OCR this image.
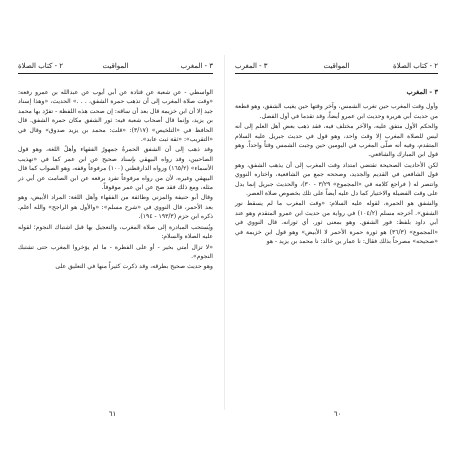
٣ - المغرب
المواقيت
٢ - كتاب الصلاة

الواسطي - عن شعبة عن قتادة عن أبي أيوب عن عبدالله بن عمرو رفعه: «وقت صلاة المغرب إلى أن تذهب حمرة الشفق، . . .» الحديث، «وهذا إسناد جيد إلا أن ابن خزيمة قال بعد أن ساقه: إن صحت هذه اللفظة - تفرّد بها محمد بن يزيد، وإنما قال أصحاب شعبة فيه: ثور الشفق مكان حمرة الشفق. قال الحافظ في «التلخيص» (٣/١٧): «قلت: محمد بن يزيد صدوق» وقال في «التقريب»: «ثقة ثبت عابد».

وقد ذهب إلى أن الشفق الحمرةُ جمهورُ الفقهاء وأهلُ اللغة، وهو قول الصاحبين، وقد رواه البيهقي بإسناد صحيح عن ابن عمر كما في «تهذيب الأسماء» (١٦٥/٢) ورواه الدارقطني (١٠٠) مرفوعاً وقفه، وهو الصواب كما قال البيهقي وغيره، لأن من رواه مرفوعاً تفرد برفعه عن ابن الصامت عن أبي ذر مثله، ومع ذلك فقد صح عن ابن عمر موقوفاً.

وقال أبو حنيفة والمزني وطائفة من الفقهاء وأهل اللغة: المراد الأبيض، وهو بعد الأحمر، قال النووي في «شرح مسلم»: «والأول هو الراجح» والله أعلم. ذكره ابن حزم (١٩٣/٣ - ١٩٤).

ويُستحب المبادرة إلى صلاة المغرب، والتعجيل بها قبل اشتباك النجوم؛ لقوله عليه الصلاة والسلام:

«لا تزال أمتي بخير - أو على الفطرة - ما لم يؤخروا المغرب حتى تشتبك النجوم».

وهو حديث صحيح بطرقه، وقد ذكرت كثيراً منها في التعليق على

٦١
٢ - كتاب الصلاة
المواقيت
٣ - المغرب
٣ - المغرب

وأول وقت المغرب حين تغرب الشمس، وآخر وقتها حين يغيب الشفق، وهو قطعة من حديث أبي هريرة وحديث ابن عمرو أيضاً، وقد تقدما في أول الفصل.

والحكم الأول متفق عليه، والآخر مختلف فيه، فقد ذهب بعض أهل العلم إلى أنه ليس للصلاة المغرب إلا وقت واحد، وهو قول في حديث جبريل عليه السلام المتقدم، وفيه أنه صلّى المغرب في اليومين حين وجبت الشمس وقتاً واحداً. وهو قول ابن المبارك والشافعي.

لكن الأحاديث الصحيحة تقتضي امتداد وقت المغرب إلى أن يذهب الشفق، وهو قول الشافعي في القديم والجديد، وصححه جمع من الشافعية، واختاره النووي وانتصر له ( فراجع كلامه في «المجموع» ٣/٢٩ - ٣٠)، والحديث جبريل إنما يدل على وقت الفضيلة والاختيار كما دل عليه أيضاً على تلك بخصوص صلاة العصر.

والشفق هو الحمرة، لقوله عليه السلام: «وقت المغرب ما لم يسقط نور الشفق». أخرجه مسلم (١٠٤/٢) في رواية من حديث ابن عمرو المتقدم وهو عند أبي داود بلفظ: فور الشفق. وهو بمعنى ثور. أي ثورانه. قال النووي في «المجموع» (٣٦/٣) هو ثورة حمرة الأحمر لا الأبيض» وهو قول ابن خزيمة في «صحيحه» مصرحاً بذلك فقال: نا عمار بن خالد: نا محمد بن يزيد - هو

٦٠
